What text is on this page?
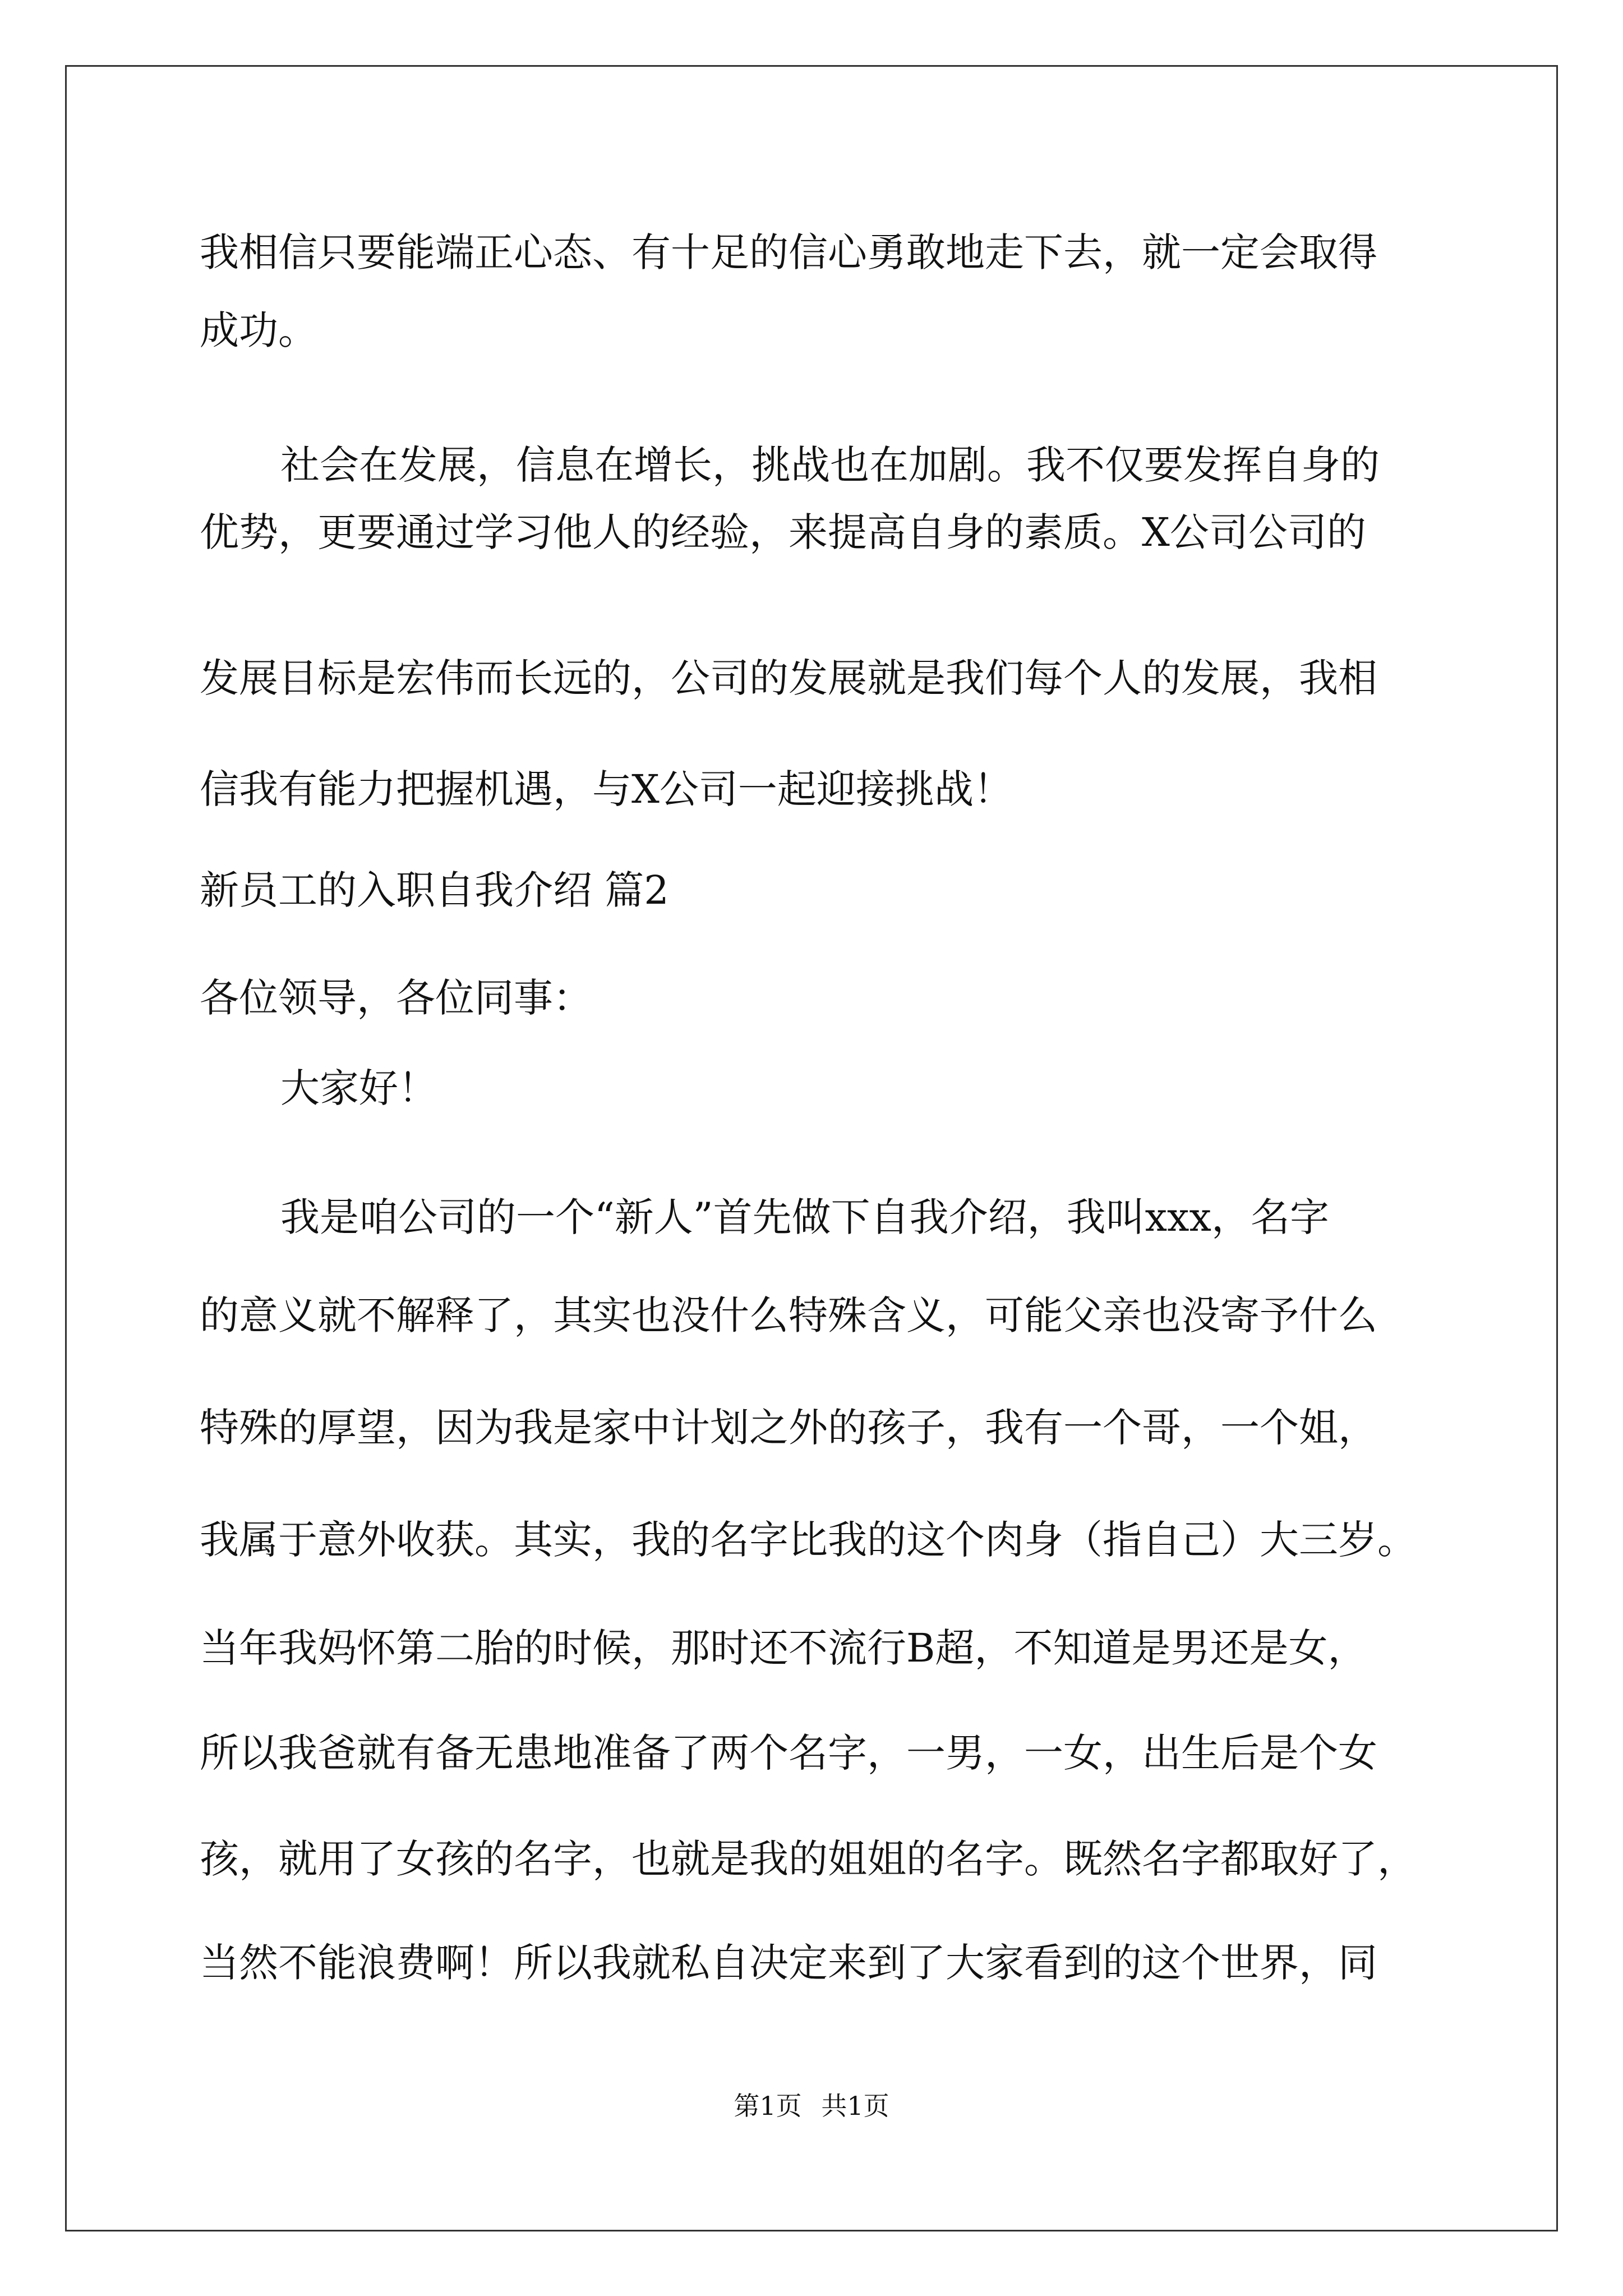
我相信只要能端正心态、有十足的信心勇敢地走下去，就一定会取得
成功。
社会在发展，信息在增长，挑战也在加剧。我不仅要发挥自身的
优势，更要通过学习他人的经验，来提高自身的素质。X公司公司的
发展目标是宏伟而长远的，公司的发展就是我们每个人的发展，我相
信我有能力把握机遇，与X公司一起迎接挑战！
新员工的入职自我介绍 篇2
各位领导，各位同事：
大家好！
我是咱公司的一个“新人”首先做下自我介绍，我叫xxx，名字
的意义就不解释了，其实也没什么特殊含义，可能父亲也没寄予什么
特殊的厚望，因为我是家中计划之外的孩子，我有一个哥，一个姐，
我属于意外收获。其实，我的名字比我的这个肉身（指自己）大三岁。
当年我妈怀第二胎的时候，那时还不流行B超，不知道是男还是女，
所以我爸就有备无患地准备了两个名字，一男，一女，出生后是个女
孩，就用了女孩的名字，也就是我的姐姐的名字。既然名字都取好了，
当然不能浪费啊！所以我就私自决定来到了大家看到的这个世界，同
第1页 共1页
